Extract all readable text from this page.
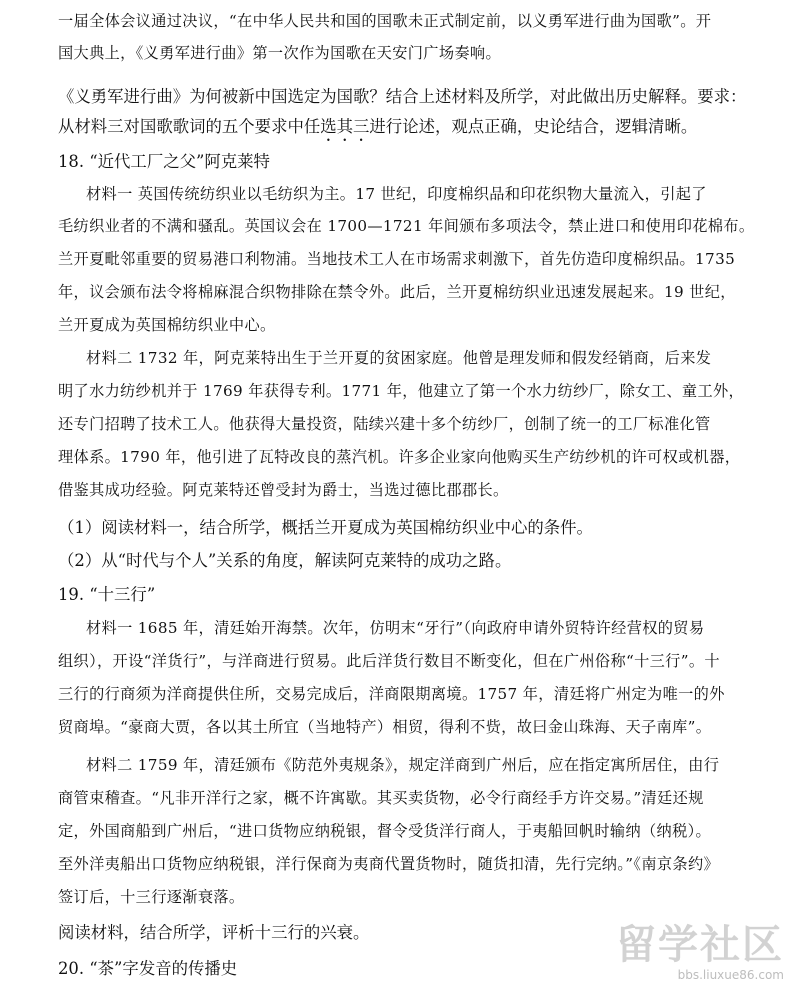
一届全体会议通过决议，“在中华人民共和国的国歌未正式制定前，以义勇军进行曲为国歌”。开
国大典上，《义勇军进行曲》第一次作为国歌在天安门广场奏响。
《义勇军进行曲》为何被新中国选定为国歌？结合上述材料及所学，对此做出历史解释。要求：
从材料三对国歌歌词的五个要求中任选其三进行论述，观点正确，史论结合，逻辑清晰。
18. “近代工厂之父”阿克莱特
材料一 英国传统纺织业以毛纺织为主。17 世纪，印度棉织品和印花织物大量流入，引起了
毛纺织业者的不满和骚乱。英国议会在 1700—1721 年间颁布多项法令，禁止进口和使用印花棉布。
兰开夏毗邻重要的贸易港口利物浦。当地技术工人在市场需求刺激下，首先仿造印度棉织品。1735
年，议会颁布法令将棉麻混合织物排除在禁令外。此后，兰开夏棉纺织业迅速发展起来。19 世纪，
兰开夏成为英国棉纺织业中心。
材料二 1732 年，阿克莱特出生于兰开夏的贫困家庭。他曾是理发师和假发经销商，后来发
明了水力纺纱机并于 1769 年获得专利。1771 年，他建立了第一个水力纺纱厂，除女工、童工外，
还专门招聘了技术工人。他获得大量投资，陆续兴建十多个纺纱厂，创制了统一的工厂标准化管
理体系。1790 年，他引进了瓦特改良的蒸汽机。许多企业家向他购买生产纺纱机的许可权或机器，
借鉴其成功经验。阿克莱特还曾受封为爵士，当选过德比郡郡长。
（1）阅读材料一，结合所学，概括兰开夏成为英国棉纺织业中心的条件。
（2）从“时代与个人”关系的角度，解读阿克莱特的成功之路。
19. “十三行”
材料一 1685 年，清廷始开海禁。次年，仿明末“牙行”（向政府申请外贸特许经营权的贸易
组织），开设“洋货行”，与洋商进行贸易。此后洋货行数目不断变化，但在广州俗称“十三行”。十
三行的行商须为洋商提供住所，交易完成后，洋商限期离境。1757 年，清廷将广州定为唯一的外
贸商埠。“豪商大贾，各以其土所宜（当地特产）相贸，得利不赀，故曰金山珠海、天子南库”。
材料二 1759 年，清廷颁布《防范外夷规条》，规定洋商到广州后，应在指定寓所居住，由行
商管束稽查。“凡非开洋行之家，概不许寓歇。其买卖货物，必令行商经手方许交易。”清廷还规
定，外国商船到广州后，“进口货物应纳税银，督令受货洋行商人，于夷船回帆时输纳（纳税）。
至外洋夷船出口货物应纳税银，洋行保商为夷商代置货物时，随货扣清，先行完纳。”《南京条约》
签订后，十三行逐渐衰落。
阅读材料，结合所学，评析十三行的兴衰。
20. “茶”字发音的传播史
留学社区
bbs.liuxue86.com
